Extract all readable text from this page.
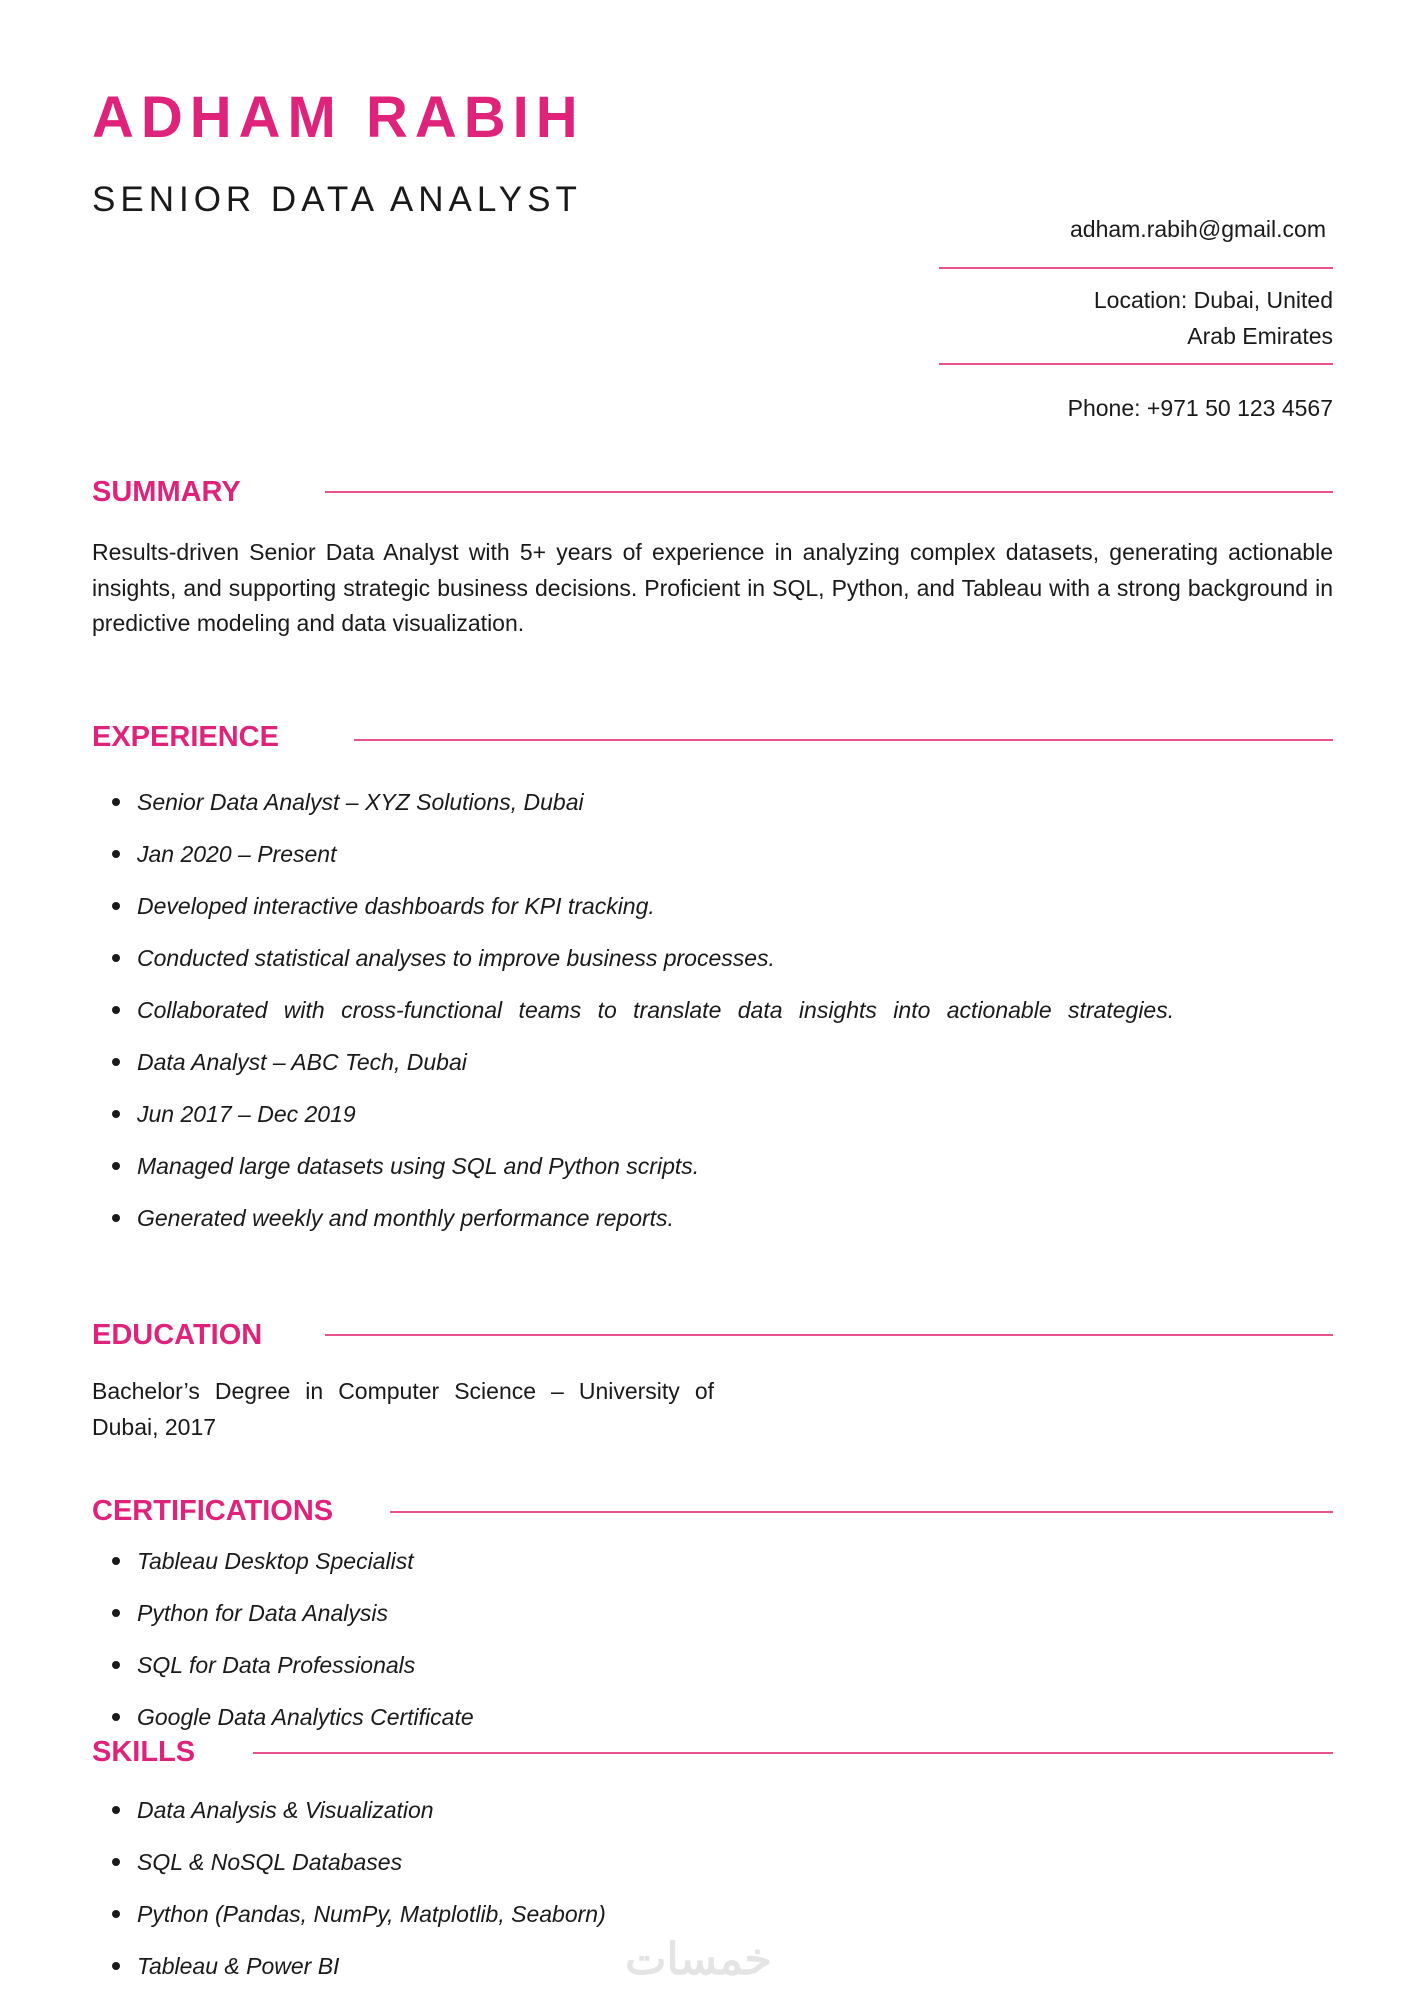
ADHAM RABIH
SENIOR DATA ANALYST
adham.rabih@gmail.com
Location: Dubai, United
Arab Emirates
Phone: +971 50 123 4567
SUMMARY
Results-driven Senior Data Analyst with 5+ years of experience in analyzing complex datasets, generating actionable insights, and supporting strategic business decisions. Proficient in SQL, Python, and Tableau with a strong background in predictive modeling and data visualization.
EXPERIENCE
Senior Data Analyst – XYZ Solutions, Dubai
Jan 2020 – Present
Developed interactive dashboards for KPI tracking.
Conducted statistical analyses to improve business processes.
Collaborated with cross-functional teams to translate data insights into actionable strategies.
Data Analyst – ABC Tech, Dubai
Jun 2017 – Dec 2019
Managed large datasets using SQL and Python scripts.
Generated weekly and monthly performance reports.
EDUCATION
Bachelor’s Degree in Computer Science – University of Dubai, 2017
CERTIFICATIONS
Tableau Desktop Specialist
Python for Data Analysis
SQL for Data Professionals
Google Data Analytics Certificate
SKILLS
Data Analysis & Visualization
SQL & NoSQL Databases
Python (Pandas, NumPy, Matplotlib, Seaborn)
Tableau & Power BI	خمسات
